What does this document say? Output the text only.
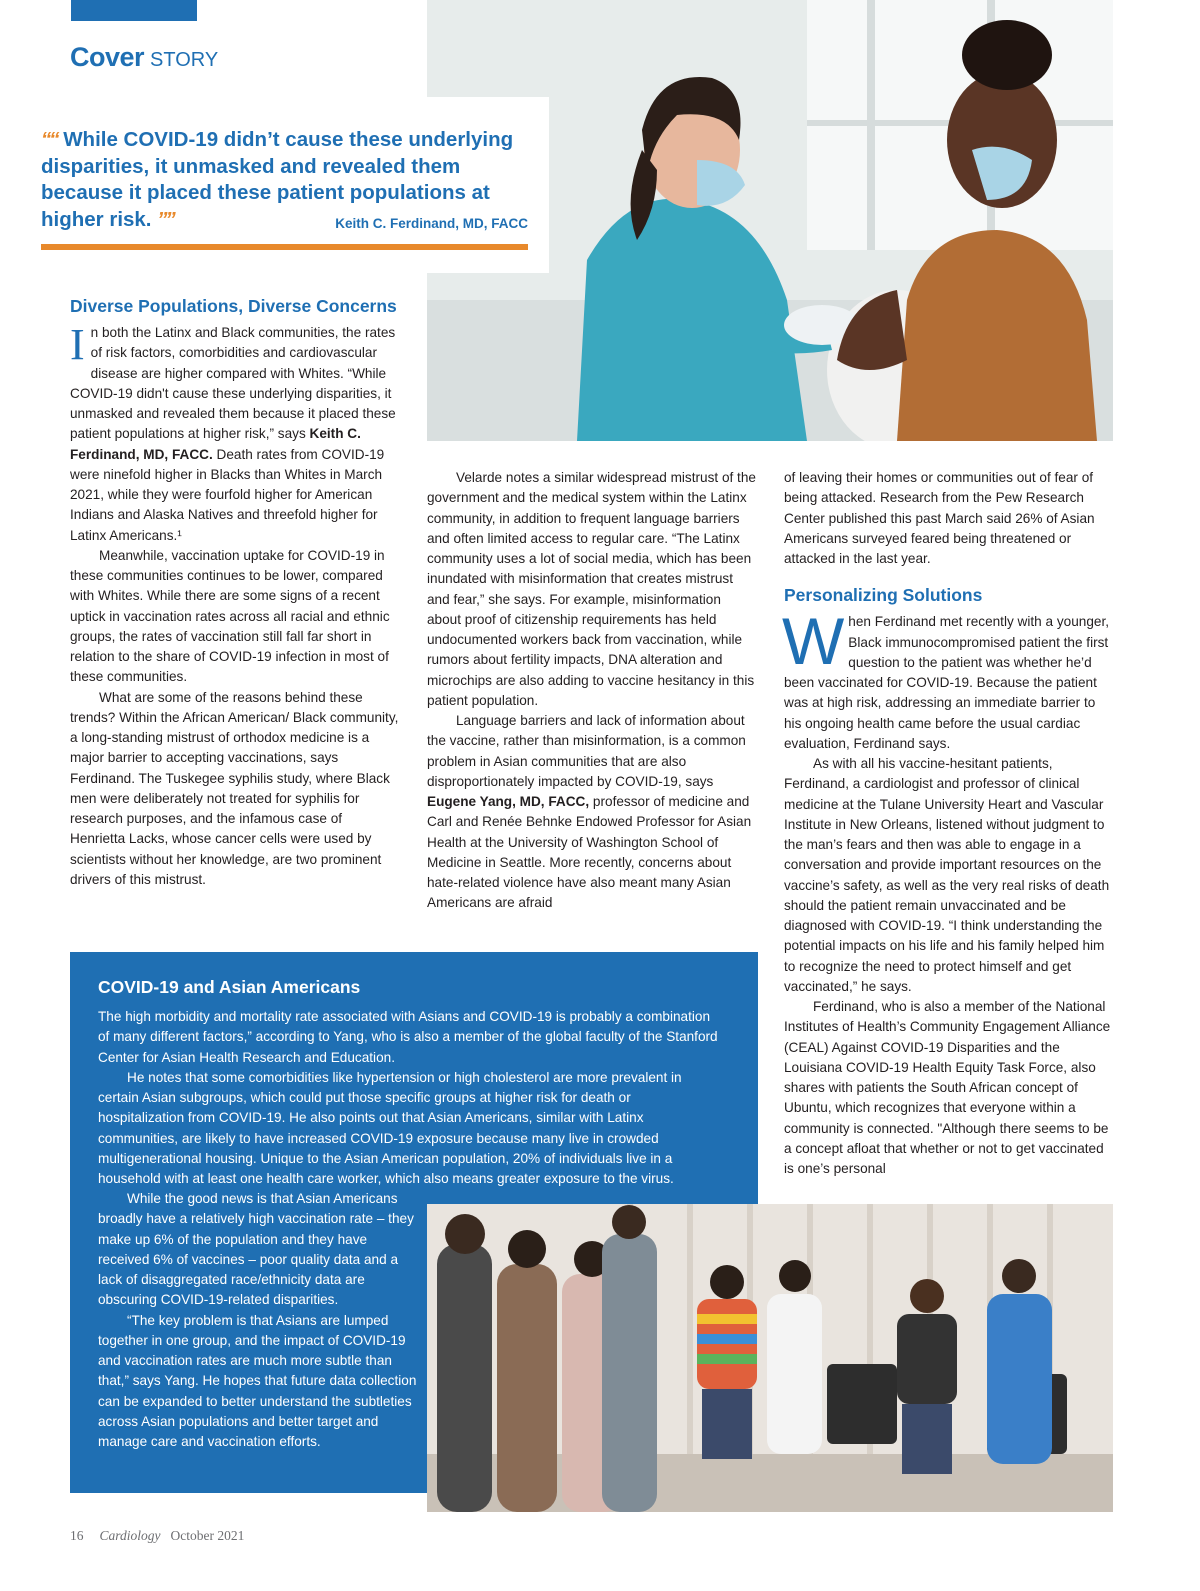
Cover STORY
““ While COVID-19 didn’t cause these underlying disparities, it unmasked and revealed them because it placed these patient populations at higher risk. ””	Keith C. Ferdinand, MD, FACC
Diverse Populations, Diverse Concerns

In both the Latinx and Black communities, the rates of risk factors, comorbidities and cardiovascular disease are higher compared with Whites. “While COVID-19 didn't cause these underlying disparities, it unmasked and revealed them because it placed these patient populations at higher risk,” says Keith C. Ferdinand, MD, FACC. Death rates from COVID-19 were ninefold higher in Blacks than Whites in March 2021, while they were fourfold higher for American Indians and Alaska Natives and threefold higher for Latinx Americans.¹

Meanwhile, vaccination uptake for COVID-19 in these communities continues to be lower, compared with Whites. While there are some signs of a recent uptick in vaccination rates across all racial and ethnic groups, the rates of vaccination still fall far short in relation to the share of COVID-19 infection in most of these communities.

What are some of the reasons behind these trends? Within the African American/ Black community, a long-standing mistrust of orthodox medicine is a major barrier to accepting vaccinations, says Ferdinand. The Tuskegee syphilis study, where Black men were deliberately not treated for syphilis for research purposes, and the infamous case of Henrietta Lacks, whose cancer cells were used by scientists without her knowledge, are two prominent drivers of this mistrust.

Velarde notes a similar widespread mistrust of the government and the medical system within the Latinx community, in addition to frequent language barriers and often limited access to regular care. “The Latinx community uses a lot of social media, which has been inundated with misinformation that creates mistrust and fear,” she says. For example, misinformation about proof of citizenship requirements has held undocumented workers back from vaccination, while rumors about fertility impacts, DNA alteration and microchips are also adding to vaccine hesitancy in this patient population.

Language barriers and lack of information about the vaccine, rather than misinformation, is a common problem in Asian communities that are also disproportionately impacted by COVID-19, says Eugene Yang, MD, FACC, professor of medicine and Carl and Renée Behnke Endowed Professor for Asian Health at the University of Washington School of Medicine in Seattle. More recently, concerns about hate-related violence have also meant many Asian Americans are afraid

of leaving their homes or communities out of fear of being attacked. Research from the Pew Research Center published this past March said 26% of Asian Americans surveyed feared being threatened or attacked in the last year.

Personalizing Solutions

When Ferdinand met recently with a younger, Black immunocompromised patient the first question to the patient was whether he’d been vaccinated for COVID-19. Because the patient was at high risk, addressing an immediate barrier to his ongoing health came before the usual cardiac evaluation, Ferdinand says.

As with all his vaccine-hesitant patients, Ferdinand, a cardiologist and professor of clinical medicine at the Tulane University Heart and Vascular Institute in New Orleans, listened without judgment to the man’s fears and then was able to engage in a conversation and provide important resources on the vaccine’s safety, as well as the very real risks of death should the patient remain unvaccinated and be diagnosed with COVID-19. “I think understanding the potential impacts on his life and his family helped him to recognize the need to protect himself and get vaccinated,” he says.

Ferdinand, who is also a member of the National Institutes of Health’s Community Engagement Alliance (CEAL) Against COVID-19 Disparities and the Louisiana COVID-19 Health Equity Task Force, also shares with patients the South African concept of Ubuntu, which recognizes that everyone within a community is connected. "Although there seems to be a concept afloat that whether or not to get vaccinated is one’s personal

COVID-19 and Asian Americans

The high morbidity and mortality rate associated with Asians and COVID-19 is probably a combination of many different factors,” according to Yang, who is also a member of the global faculty of the Stanford Center for Asian Health Research and Education.

He notes that some comorbidities like hypertension or high cholesterol are more prevalent in certain Asian subgroups, which could put those specific groups at higher risk for death or hospitalization from COVID-19. He also points out that Asian Americans, similar with Latinx communities, are likely to have increased COVID-19 exposure because many live in crowded multigenerational housing. Unique to the Asian American population, 20% of individuals live in a household with at least one health care worker, which also means greater exposure to the virus.

While the good news is that Asian Americans broadly have a relatively high vaccination rate – they make up 6% of the population and they have received 6% of vaccines – poor quality data and a lack of disaggregated race/ethnicity data are obscuring COVID-19-related disparities.

“The key problem is that Asians are lumped together in one group, and the impact of COVID-19 and vaccination rates are much more subtle than that,” says Yang. He hopes that future data collection can be expanded to better understand the subtleties across Asian populations and better target and manage care and vaccination efforts.

16 Cardiology October 2021
